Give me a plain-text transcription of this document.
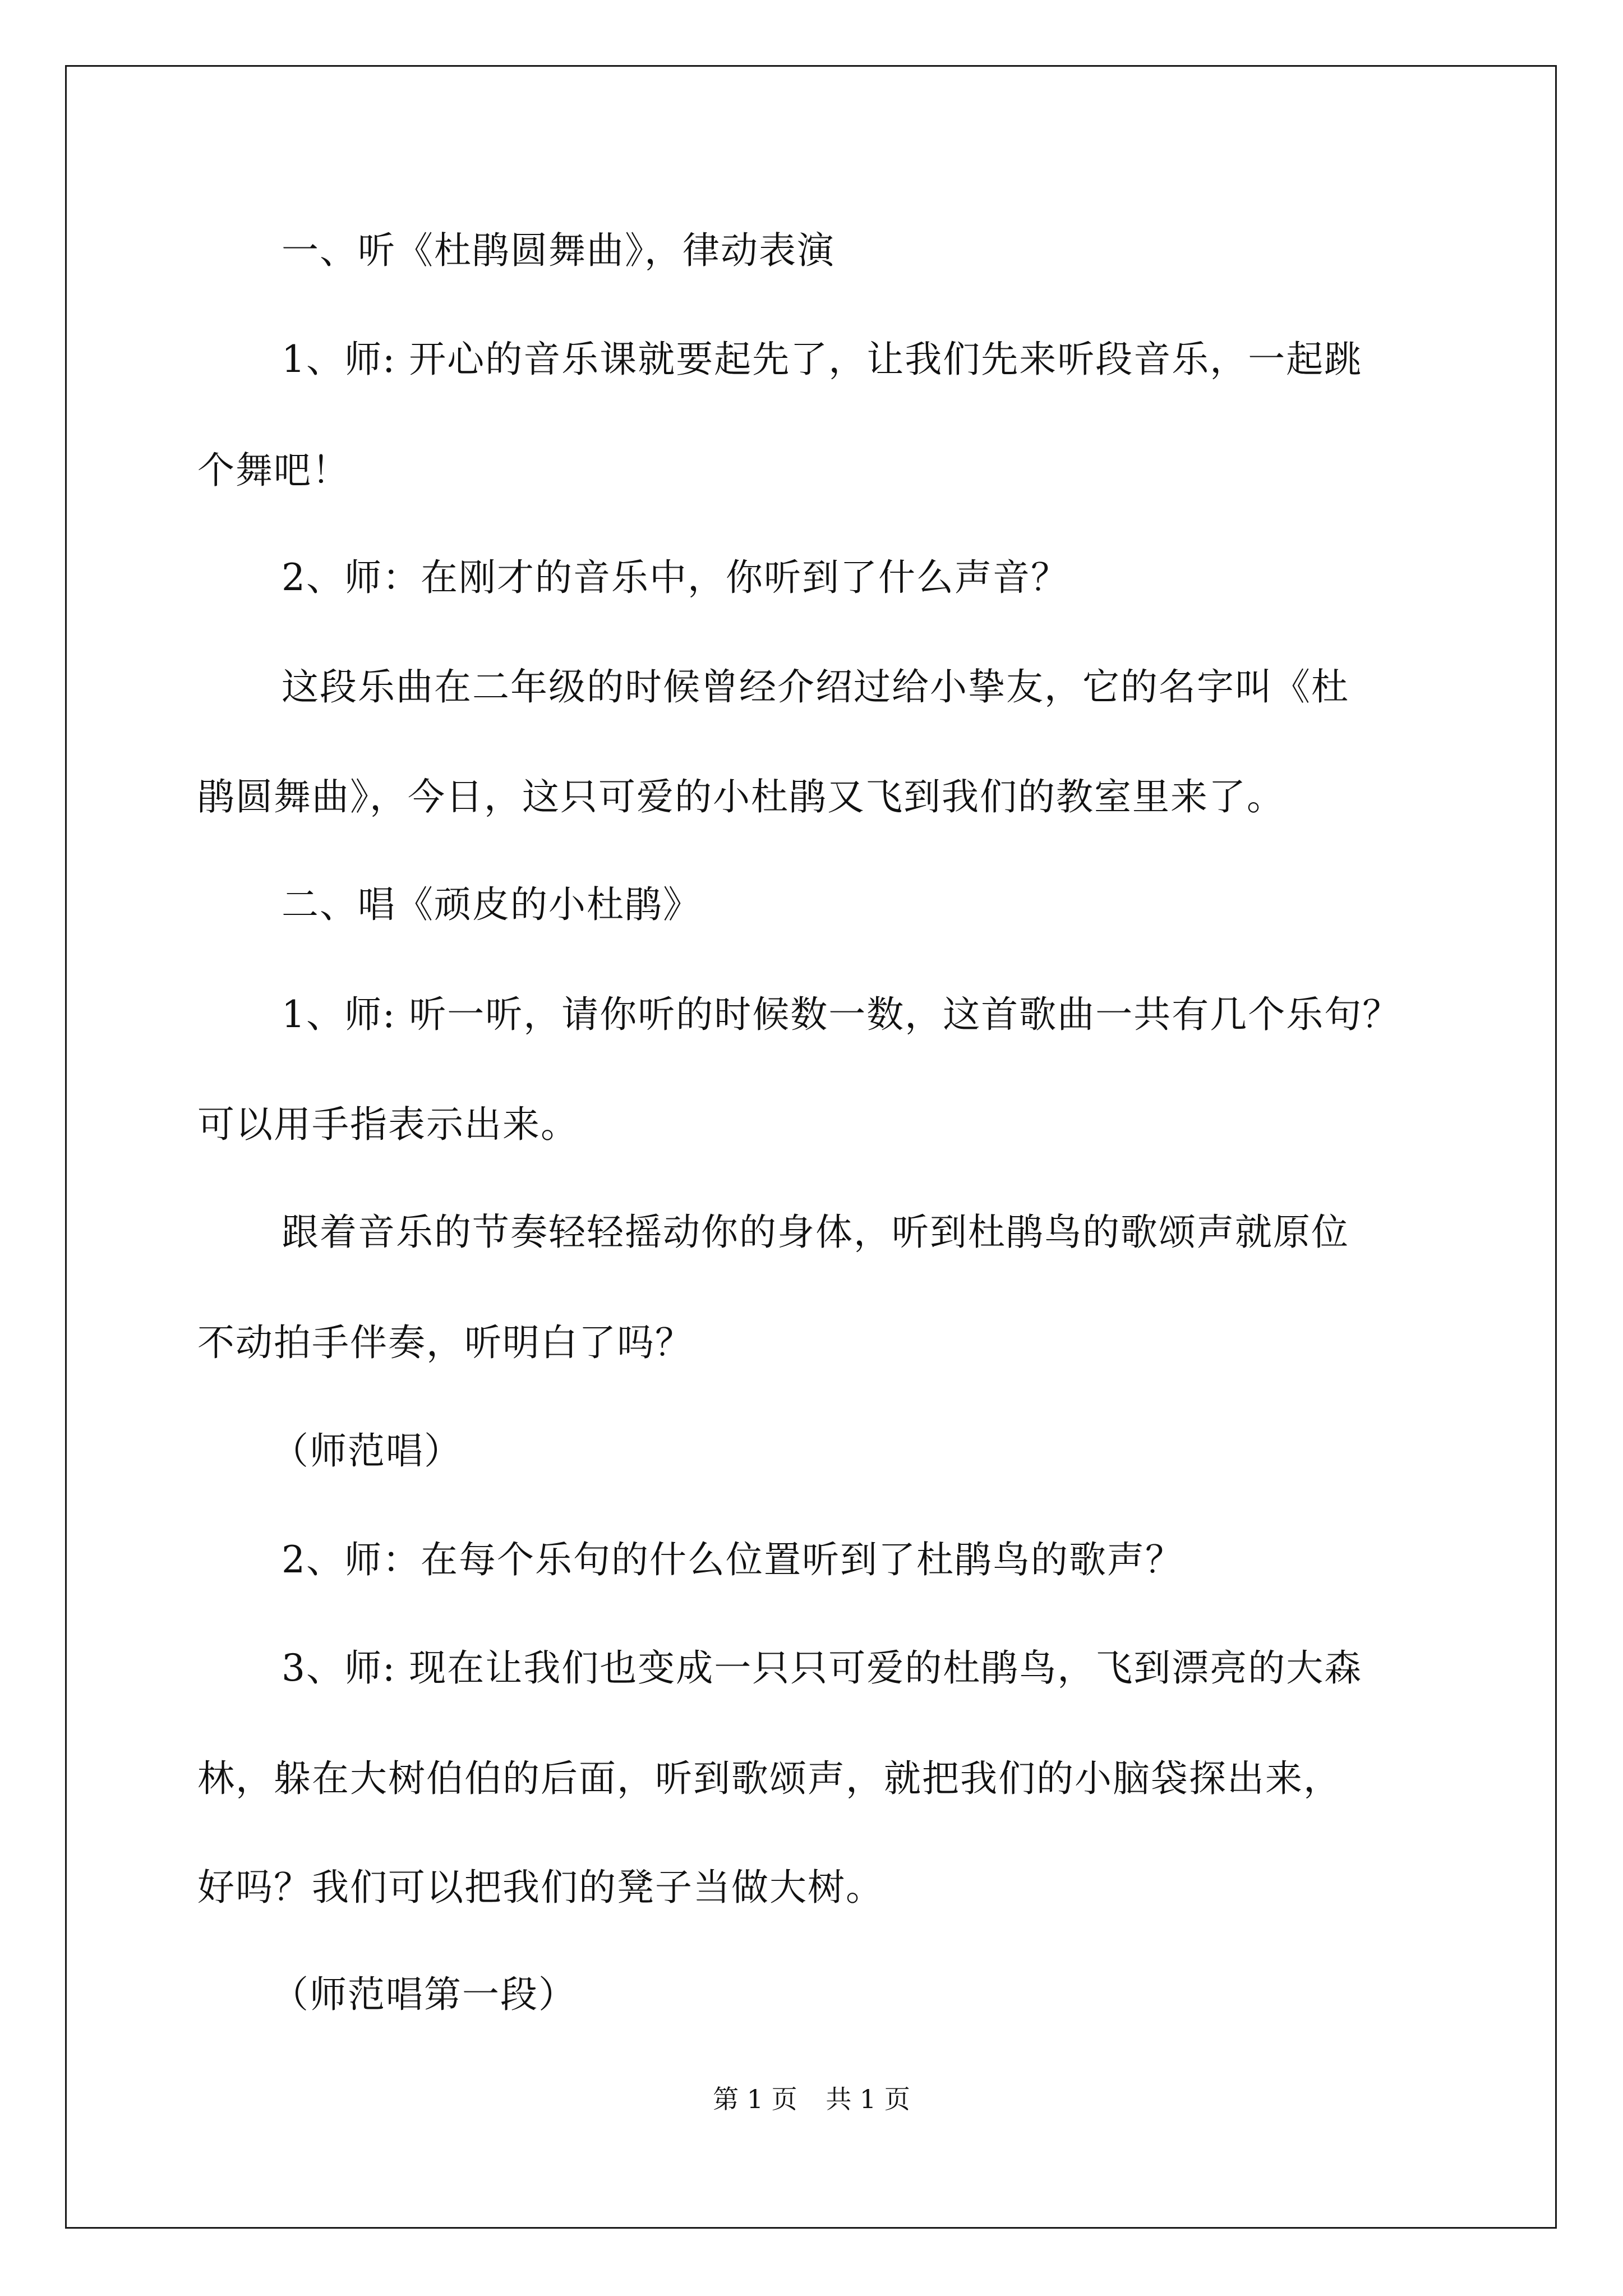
一、听《杜鹃圆舞曲》，律动表演
1、师: 开心的音乐课就要起先了，让我们先来听段音乐，一起跳
个舞吧！
2、师：在刚才的音乐中，你听到了什么声音？
这段乐曲在二年级的时候曾经介绍过给小挚友，它的名字叫《杜
鹃圆舞曲》，今日，这只可爱的小杜鹃又飞到我们的教室里来了。
二、唱《顽皮的小杜鹃》
1、师: 听一听，请你听的时候数一数，这首歌曲一共有几个乐句？
可以用手指表示出来。
跟着音乐的节奏轻轻摇动你的身体，听到杜鹃鸟的歌颂声就原位
不动拍手伴奏，听明白了吗？
（师范唱）
2、师：在每个乐句的什么位置听到了杜鹃鸟的歌声？
3、师: 现在让我们也变成一只只可爱的杜鹃鸟，飞到漂亮的大森
林，躲在大树伯伯的后面，听到歌颂声，就把我们的小脑袋探出来，
好吗？我们可以把我们的凳子当做大树。
（师范唱第一段）
第 1 页 共 1 页
